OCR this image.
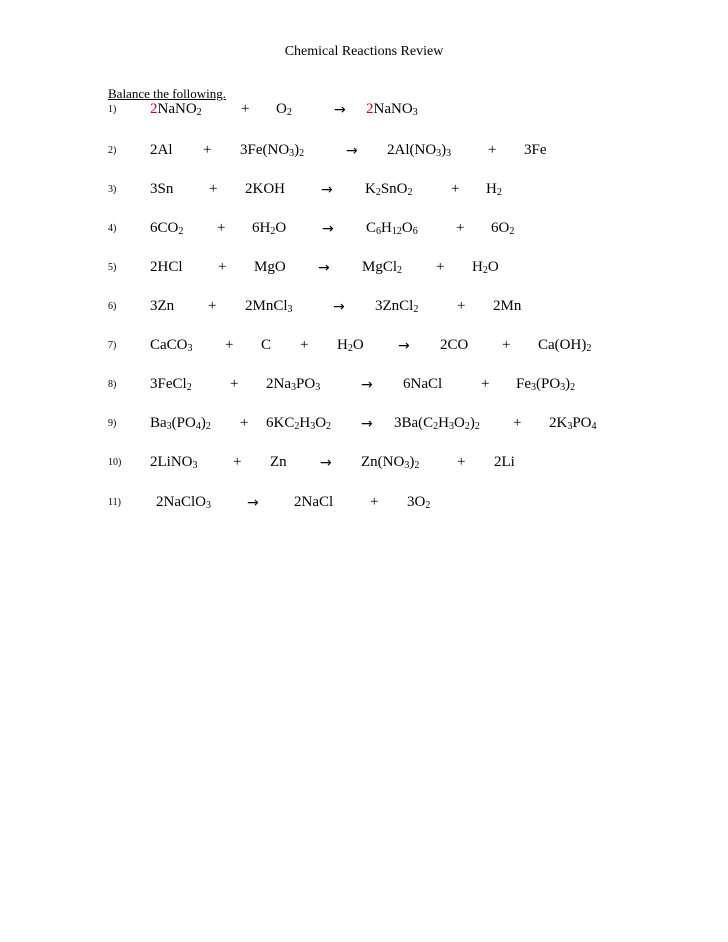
Chemical Reactions Review
Balance the following.
1) 2NaNO$_2$	+ $O_2$	→ 2NaNO$_3$
2) $2Al + 3Fe(NO_3)_2$	→ $2Al(NO_3)_3 + 3Fe$
3) 3Sn + 2KOH	→ $K_2SnO_2$	+ $H_2$
4) $6CO_2 + 6H_2O$	→ $C_6H_{12}O_6$	+ $6O_2$
5) 2HCl + MgO → MgCl$_2$ + $H_2O$
6) 3Zn + 2MnCl$_3$	→ 3ZnCl$_2$	+ 2Mn
7) CaCO$_3$ + $C + H_2O \to 2CO + Ca(OH)_2$
8) 3FeCl$_2$	+ $2Na_3PO_3$	→ 6NaCl	+ $Fe_3(PO_3)_2$
9) $Ba_3(PO_4)_2 + 6KC_2H_3O_2 \to 3Ba(C_2H_3O_2)_2 + 2K_3PO_4$
10) 2LiNO$_3$ + $Zn \to Zn(NO_3)_2$	+ 2Li
11) 2NaClO$_3$	→ 2NaCl + $3O_2$
